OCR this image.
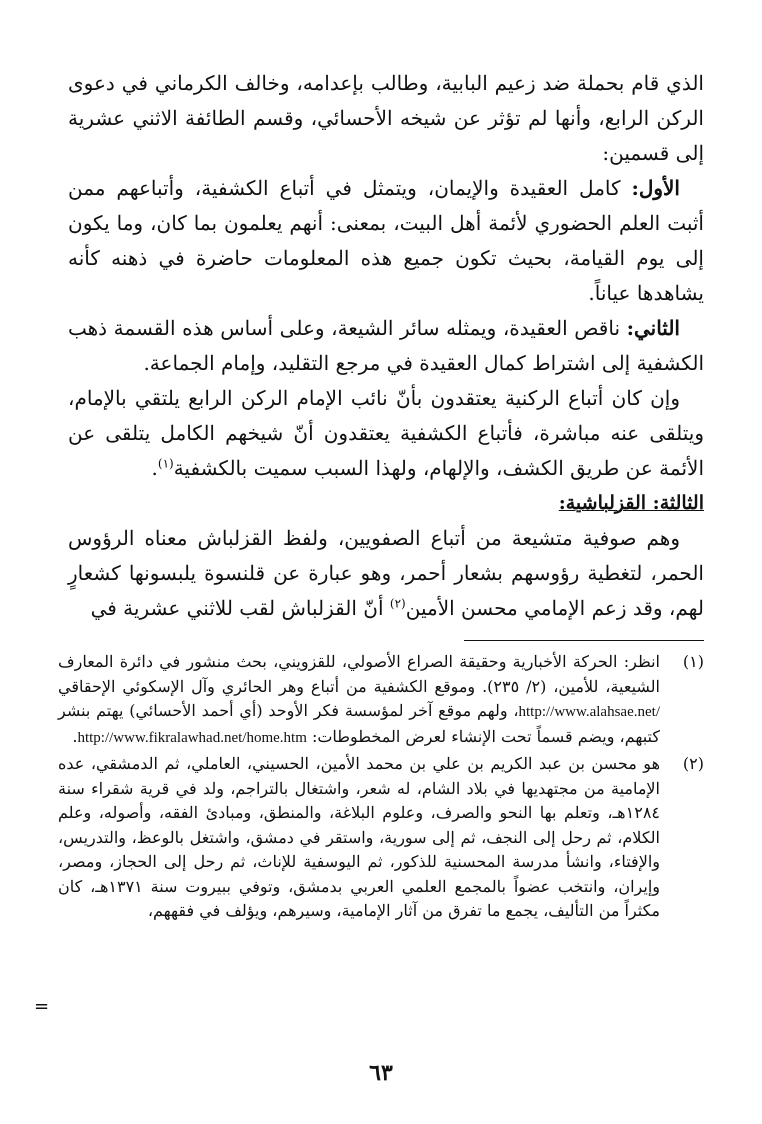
الذي قام بحملة ضد زعيم البابية، وطالب بإعدامه، وخالف الكرماني في دعوى الركن الرابع، وأنها لم تؤثر عن شيخه الأحسائي، وقسم الطائفة الاثني عشرية إلى قسمين:

الأول: كامل العقيدة والإيمان، ويتمثل في أتباع الكشفية، وأتباعهم ممن أثبت العلم الحضوري لأئمة أهل البيت، بمعنى: أنهم يعلمون بما كان، وما يكون إلى يوم القيامة، بحيث تكون جميع هذه المعلومات حاضرة في ذهنه كأنه يشاهدها عياناً.

الثاني: ناقص العقيدة، ويمثله سائر الشيعة، وعلى أساس هذه القسمة ذهب الكشفية إلى اشتراط كمال العقيدة في مرجع التقليد، وإمام الجماعة.

وإن كان أتباع الركنية يعتقدون بأنّ نائب الإمام الركن الرابع يلتقي بالإمام، ويتلقى عنه مباشرة، فأتباع الكشفية يعتقدون أنّ شيخهم الكامل يتلقى عن الأئمة عن طريق الكشف، والإلهام، ولهذا السبب سميت بالكشفية$^{(١)}$.

الثالثة: القزلباشية:

وهم صوفية متشيعة من أتباع الصفويين، ولفظ القزلباش معناه الرؤوس الحمر، لتغطية رؤوسهم بشعار أحمر، وهو عبارة عن قلنسوة يلبسونها كشعارٍ لهم، وقد زعم الإمامي محسن الأمين$^{(٢)}$ أنّ القزلباش لقب للاثني عشرية في

(١)
انظر: الحركة الأخبارية وحقيقة الصراع الأصولي، للقزويني، بحث منشور في دائرة المعارف الشيعية، للأمين، (٢/ ٢٣٥). وموقع الكشفية من أتباع وهر الحائري وآل الإسكوئي الإحقاقي http://www.alahsae.net/، ولهم موقع آخر لمؤسسة فكر الأوحد (أي أحمد الأحسائي) يهتم بنشر كتبهم، ويضم قسماً تحت الإنشاء لعرض المخطوطات: http://www.fikralawhad.net/home.htm.
(٢)
هو محسن بن عبد الكريم بن علي بن محمد الأمين، الحسيني، العاملي، ثم الدمشقي، عده الإمامية من مجتهديها في بلاد الشام، له شعر، واشتغال بالتراجم، ولد في قرية شقراء سنة ١٢٨٤هـ، وتعلم بها النحو والصرف، وعلوم البلاغة، والمنطق، ومبادئ الفقه، وأصوله، وعلم الكلام، ثم رحل إلى النجف، ثم إلى سورية، واستقر في دمشق، واشتغل بالوعظ، والتدريس، والإفتاء، وانشأ مدرسة المحسنية للذكور، ثم اليوسفية للإناث، ثم رحل إلى الحجاز، ومصر، وإيران، وانتخب عضواً بالمجمع العلمي العربي بدمشق، وتوفي ببيروت سنة ١٣٧١هـ، كان مكثراً من التأليف، يجمع ما تفرق من آثار الإمامية، وسيرهم، ويؤلف في فقههم،
=
٦٣
